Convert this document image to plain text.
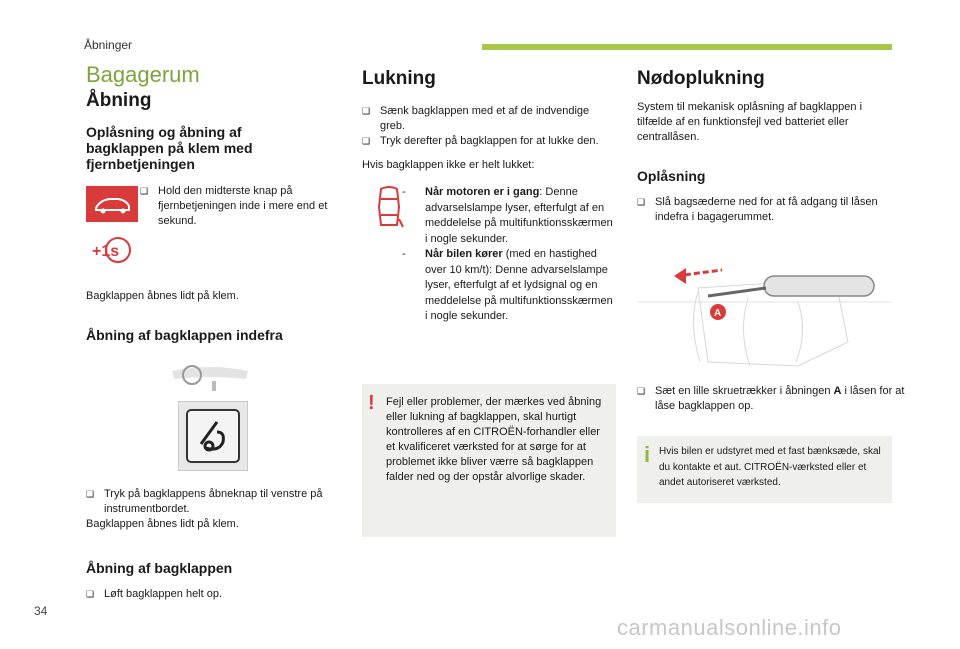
Åbninger
Bagagerum
Åbning
Oplåsning og åbning af bagklappen på klem med fjernbetjeningen
+1s
❑ Hold den midterste knap på fjernbetjeningen inde i mere end et sekund.
Bagklappen åbnes lidt på klem.
Åbning af bagklappen indefra
❑ Tryk på bagklappens åbneknap til venstre på instrumentbordet.
Bagklappen åbnes lidt på klem.
Åbning af bagklappen
❑ Løft bagklappen helt op.
Lukning
❑ Sænk bagklappen med et af de indvendige greb.
❑ Tryk derefter på bagklappen for at lukke den.
Hvis bagklappen ikke er helt lukket:
- Når motoren er i gang: Denne advarselslampe lyser, efterfulgt af en meddelelse på multifunktionsskærmen i nogle sekunder.
- Når bilen kører (med en hastighed over 10 km/t): Denne advarselslampe lyser, efterfulgt af et lydsignal og en meddelelse på multifunktionsskærmen i nogle sekunder.
! Fejl eller problemer, der mærkes ved åbning eller lukning af bagklappen, skal hurtigt kontrolleres af en CITROËN-forhandler eller et kvalificeret værksted for at sørge for at problemet ikke bliver værre så bagklappen falder ned og der opstår alvorlige skader.
Nødoplukning
System til mekanisk oplåsning af bagklappen i tilfælde af en funktionsfejl ved batteriet eller centrallåsen.
Oplåsning
❑ Slå bagsæderne ned for at få adgang til låsen indefra i bagagerummet.
A
❑ Sæt en lille skruetrækker i åbningen A i låsen for at låse bagklappen op.
i Hvis bilen er udstyret med et fast bænksæde, skal du kontakte et aut. CITROËN-værksted eller et andet autoriseret værksted.
34
carmanualsonline.info
